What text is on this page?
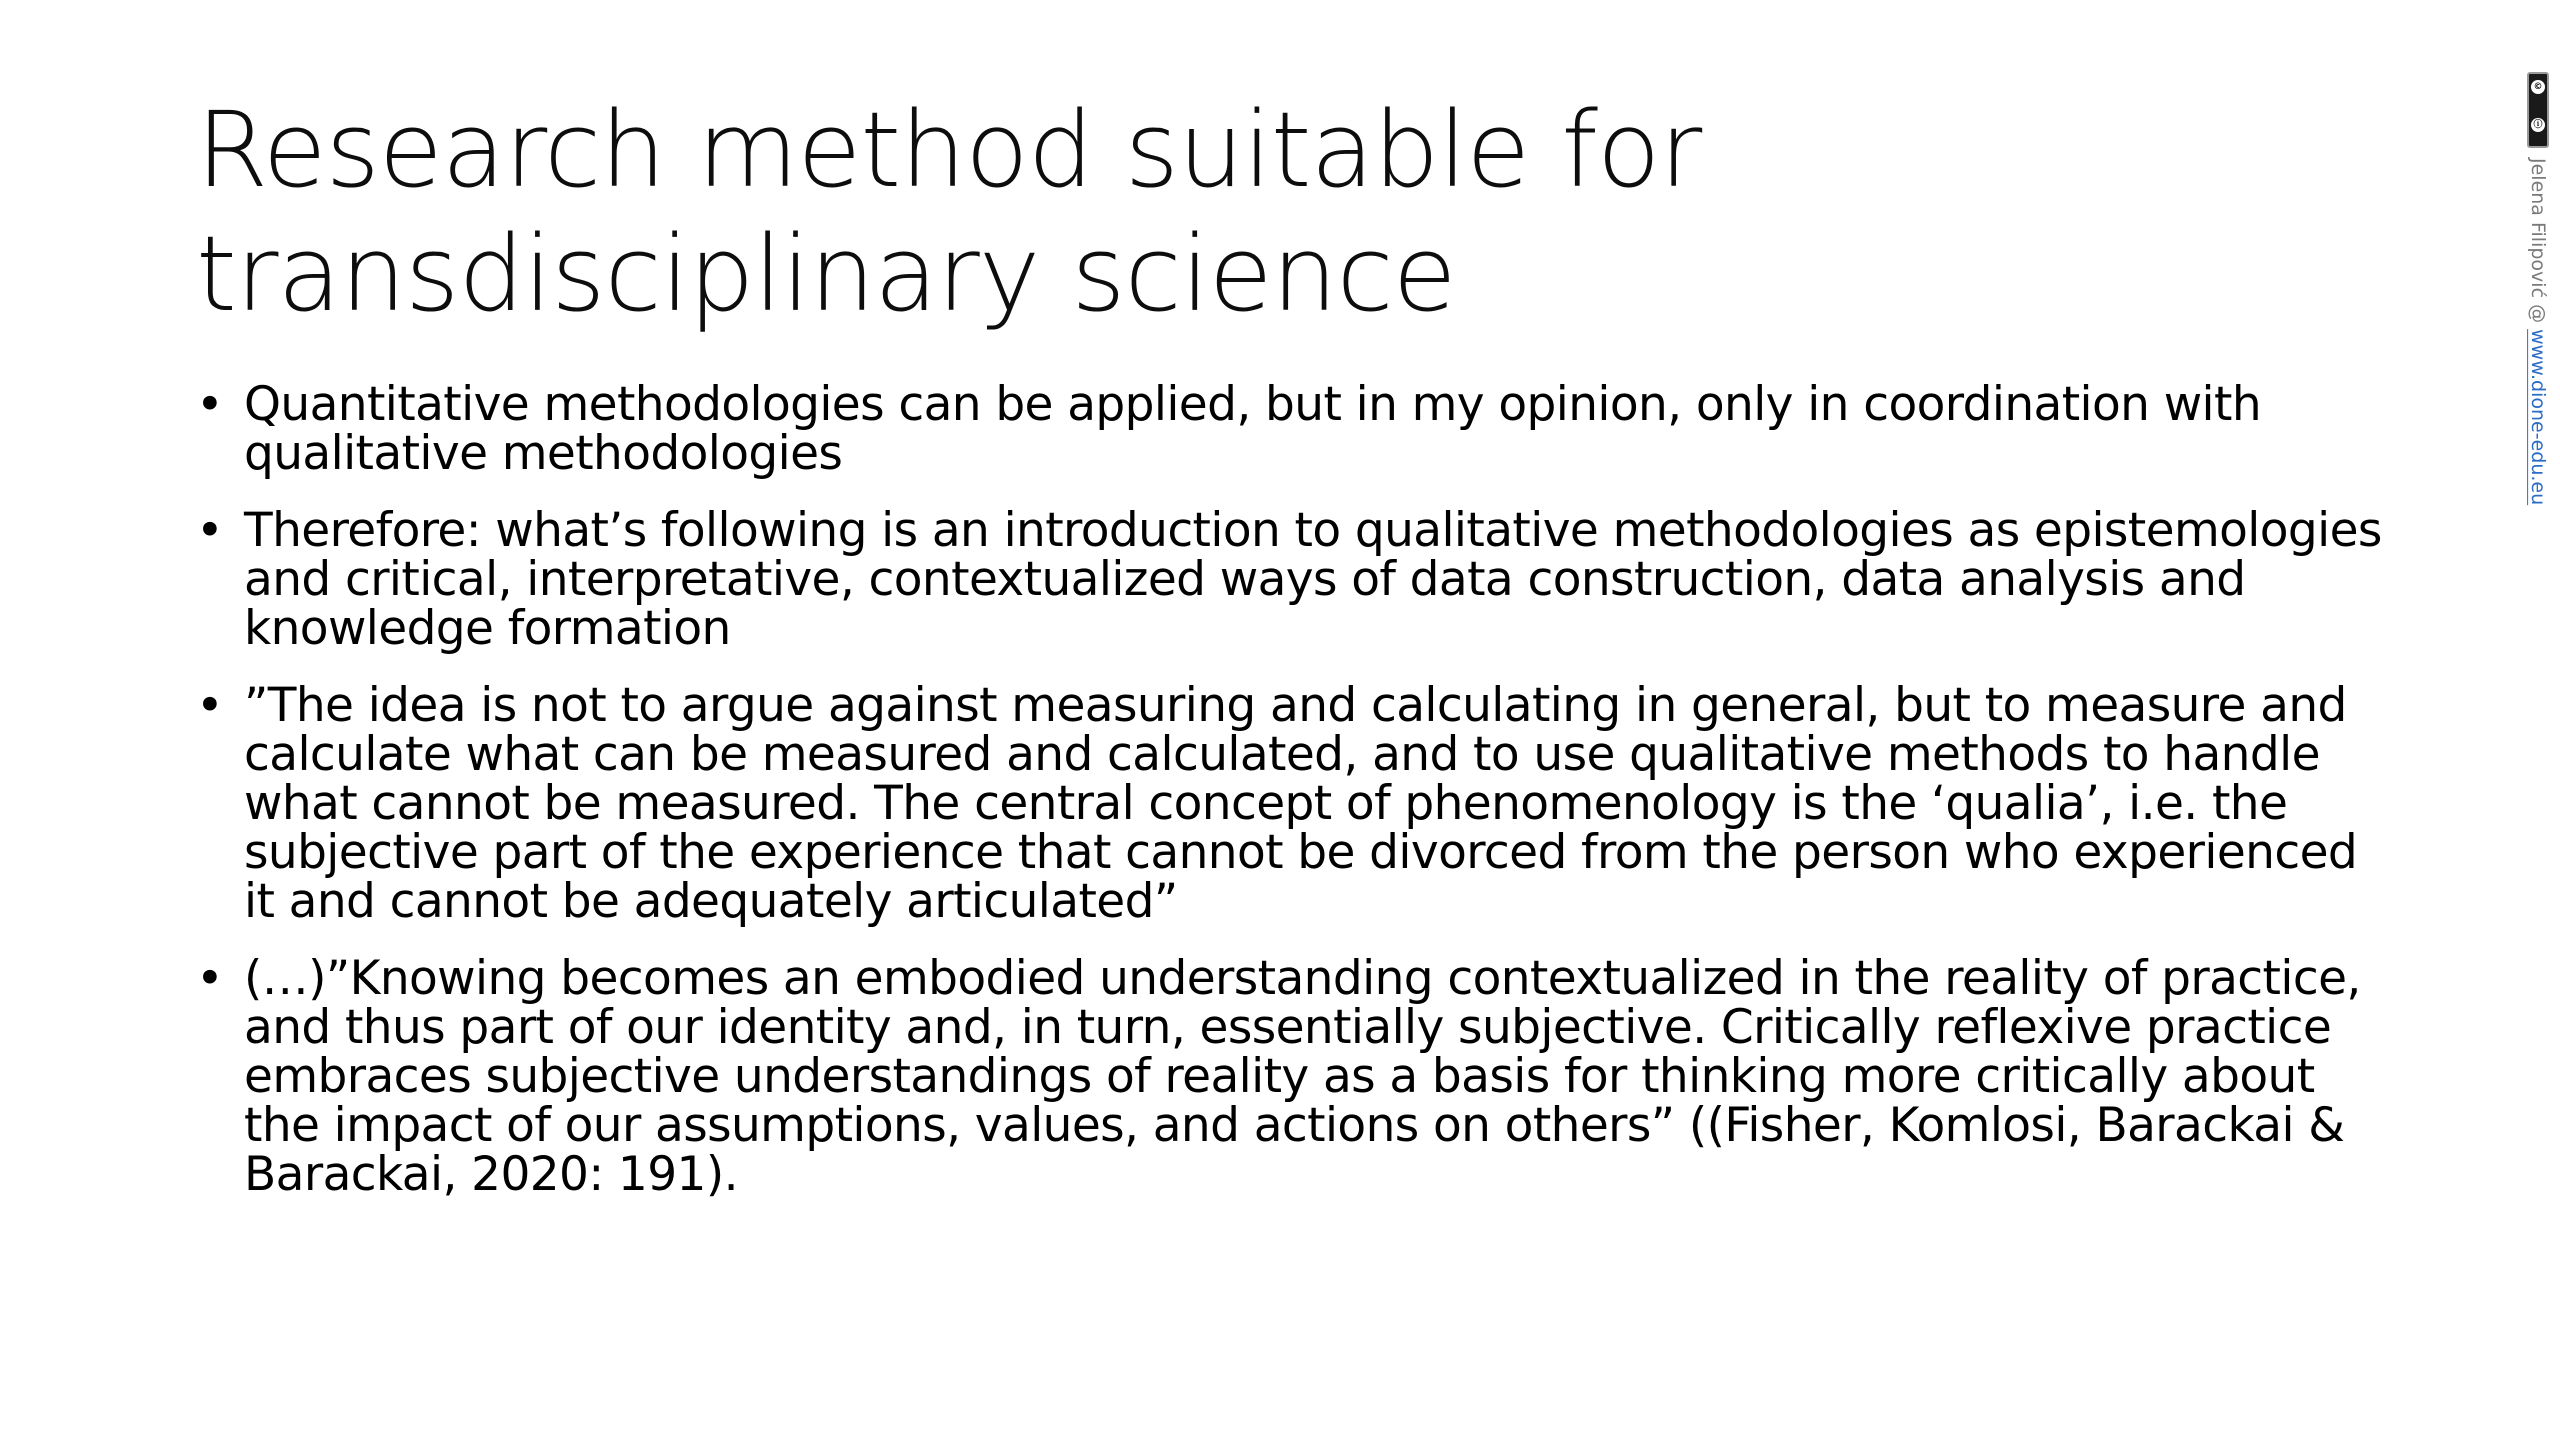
Research method suitable for
transdisciplinary science
• Quantitative methodologies can be applied, but in my opinion, only in coordination with qualitative methodologies
• Therefore: what’s following is an introduction to qualitative methodologies as epistemologies and critical, interpretative, contextualized ways of data construction, data analysis and knowledge formation
• ”The idea is not to argue against measuring and calculating in general, but to measure and calculate what can be measured and calculated, and to use qualitative methods to handle what cannot be measured. The central concept of phenomenology is the ‘qualia’, i.e. the subjective part of the experience that cannot be divorced from the person who experienced it and cannot be adequately articulated”
• (…)”Knowing becomes an embodied understanding contextualized in the reality of practice, and thus part of our identity and, in turn, essentially subjective. Critically reflexive practice embraces subjective understandings of reality as a basis for thinking more critically about the impact of our assumptions, values, and actions on others” ((Fisher, Komlosi, Barackai & Barackai, 2020: 191).
©
ⓘ
Jelena Filipović @ www.dione-edu.eu
